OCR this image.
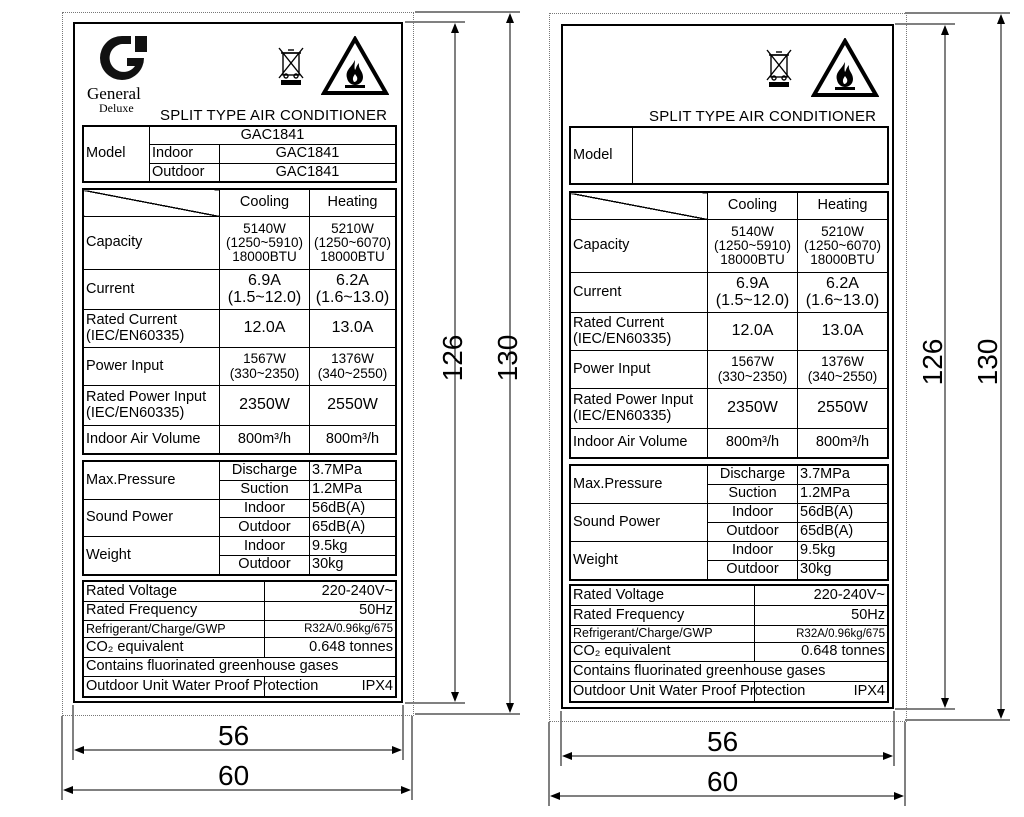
126 130
56
60
126 130
56
60
General
Deluxe SPLIT TYPE AIR CONDITIONER
Model	GAC1841	
	Indoor	GAC1841
	Outdoor	GAC1841
	Cooling	Heating
Capacity	5140W
(1250~5910)
18000BTU	5210W
(1250~6070)
18000BTU
Current	6.9A
(1.5~12.0)	6.2A
(1.6~13.0)
Rated Current
(IEC/EN60335)	12.0A	13.0A
Power Input	1567W
(330~2350)	1376W
(340~2550)
Rated Power Input
(IEC/EN60335)	2350W	2550W
Indoor Air Volume	800m³/h	800m³/h
Max.Pressure	Discharge	3.7MPa
	Suction	1.2MPa
Sound Power	Indoor	56dB(A)
	Outdoor	65dB(A)
Weight	Indoor	9.5kg
	Outdoor	30kg
Rated Voltage	220-240V~
Rated Frequency	50Hz
Refrigerant/Charge/GWP	R32A/0.96kg/675
CO₂ equivalent	0.648 tonnes
Contains fluorinated greenhouse gases	
Outdoor Unit Water Proof Protection	IPX4
SPLIT TYPE AIR CONDITIONER
Model	
	Cooling	Heating
Capacity	5140W
(1250~5910)
18000BTU	5210W
(1250~6070)
18000BTU
Current	6.9A
(1.5~12.0)	6.2A
(1.6~13.0)
Rated Current
(IEC/EN60335)	12.0A	13.0A
Power Input	1567W
(330~2350)	1376W
(340~2550)
Rated Power Input
(IEC/EN60335)	2350W	2550W
Indoor Air Volume	800m³/h	800m³/h
Max.Pressure	Discharge	3.7MPa
	Suction	1.2MPa
Sound Power	Indoor	56dB(A)
	Outdoor	65dB(A)
Weight	Indoor	9.5kg
	Outdoor	30kg
Rated Voltage	220-240V~
Rated Frequency	50Hz
Refrigerant/Charge/GWP	R32A/0.96kg/675
CO₂ equivalent	0.648 tonnes
Contains fluorinated greenhouse gases	
Outdoor Unit Water Proof Protection	IPX4
